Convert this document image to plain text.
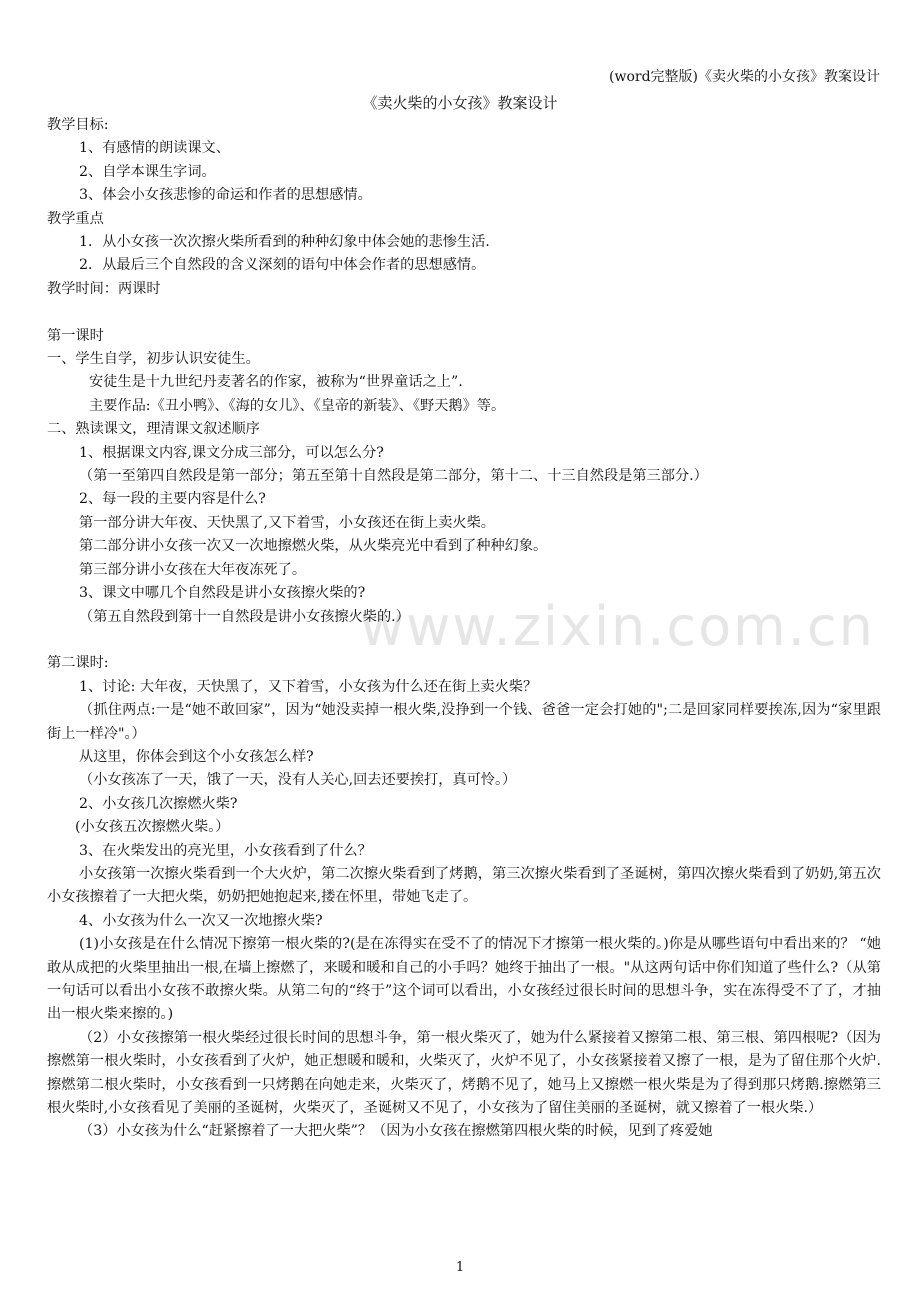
www.zixin.com.cn
(word完整版)《卖火柴的小女孩》教案设计
《卖火柴的小女孩》教案设计

教学目标:

1、有感情的朗读课文、

2、自学本课生字词。

3、体会小女孩悲惨的命运和作者的思想感情。

教学重点

1．从小女孩一次次擦火柴所看到的种种幻象中体会她的悲惨生活.

2．从最后三个自然段的含义深刻的语句中体会作者的思想感情。

教学时间：两课时

第一课时

一、学生自学，初步认识安徒生。

安徒生是十九世纪丹麦著名的作家，被称为“世界童话之上”.

主要作品:《丑小鸭》、《海的女儿》、《皇帝的新装》、《野天鹅》等。

二、熟读课文，理清课文叙述顺序

1、根据课文内容,课文分成三部分，可以怎么分?

（第一至第四自然段是第一部分；第五至第十自然段是第二部分，第十二、十三自然段是第三部分.）

2、每一段的主要内容是什么?

第一部分讲大年夜、天快黑了,又下着雪，小女孩还在街上卖火柴。

第二部分讲小女孩一次又一次地擦燃火柴，从火柴亮光中看到了种种幻象。

第三部分讲小女孩在大年夜冻死了。

3、课文中哪几个自然段是讲小女孩擦火柴的?

（第五自然段到第十一自然段是讲小女孩擦火柴的.）

第二课时:

1、讨论: 大年夜，天快黑了，又下着雪，小女孩为什么还在街上卖火柴？

（抓住两点:一是“她不敢回家”，因为“她没卖掉一根火柴,没挣到一个钱、爸爸一定会打她的";二是回家同样要挨冻,因为“家里跟街上一样冷"。）

从这里，你体会到这个小女孩怎么样?

（小女孩冻了一天，饿了一天，没有人关心,回去还要挨打，真可怜。）

2、小女孩几次擦燃火柴?

(小女孩五次擦燃火柴。）

3、在火柴发出的亮光里，小女孩看到了什么？

小女孩第一次擦火柴看到一个大火炉，第二次擦火柴看到了烤鹅，第三次擦火柴看到了圣诞树，第四次擦火柴看到了奶奶,第五次小女孩擦着了一大把火柴，奶奶把她抱起来,搂在怀里，带她飞走了。

4、小女孩为什么一次又一次地擦火柴?

(1)小女孩是在什么情况下擦第一根火柴的?(是在冻得实在受不了的情况下才擦第一根火柴的。)你是从哪些语句中看出来的？ “她敢从成把的火柴里抽出一根,在墙上擦燃了，来暖和暖和自己的小手吗？她终于抽出了一根。"从这两句话中你们知道了些什么?（从第一句话可以看出小女孩不敢擦火柴。从第二句的“终于”这个词可以看出，小女孩经过很长时间的思想斗争，实在冻得受不了了，才抽出一根火柴来擦的。)

（2）小女孩擦第一根火柴经过很长时间的思想斗争，第一根火柴灭了，她为什么紧接着又擦第二根、第三根、第四根呢?（因为擦燃第一根火柴时，小女孩看到了火炉，她正想暖和暖和，火柴灭了，火炉不见了，小女孩紧接着又擦了一根，是为了留住那个火炉.擦燃第二根火柴时，小女孩看到一只烤鹅在向她走来，火柴灭了，烤鹅不见了，她马上又擦燃一根火柴是为了得到那只烤鹅.擦燃第三根火柴时,小女孩看见了美丽的圣诞树，火柴灭了，圣诞树又不见了，小女孩为了留住美丽的圣诞树，就又擦着了一根火柴.）

（3）小女孩为什么“赶紧擦着了一大把火柴”？（因为小女孩在擦燃第四根火柴的时候，见到了疼爱她

1
